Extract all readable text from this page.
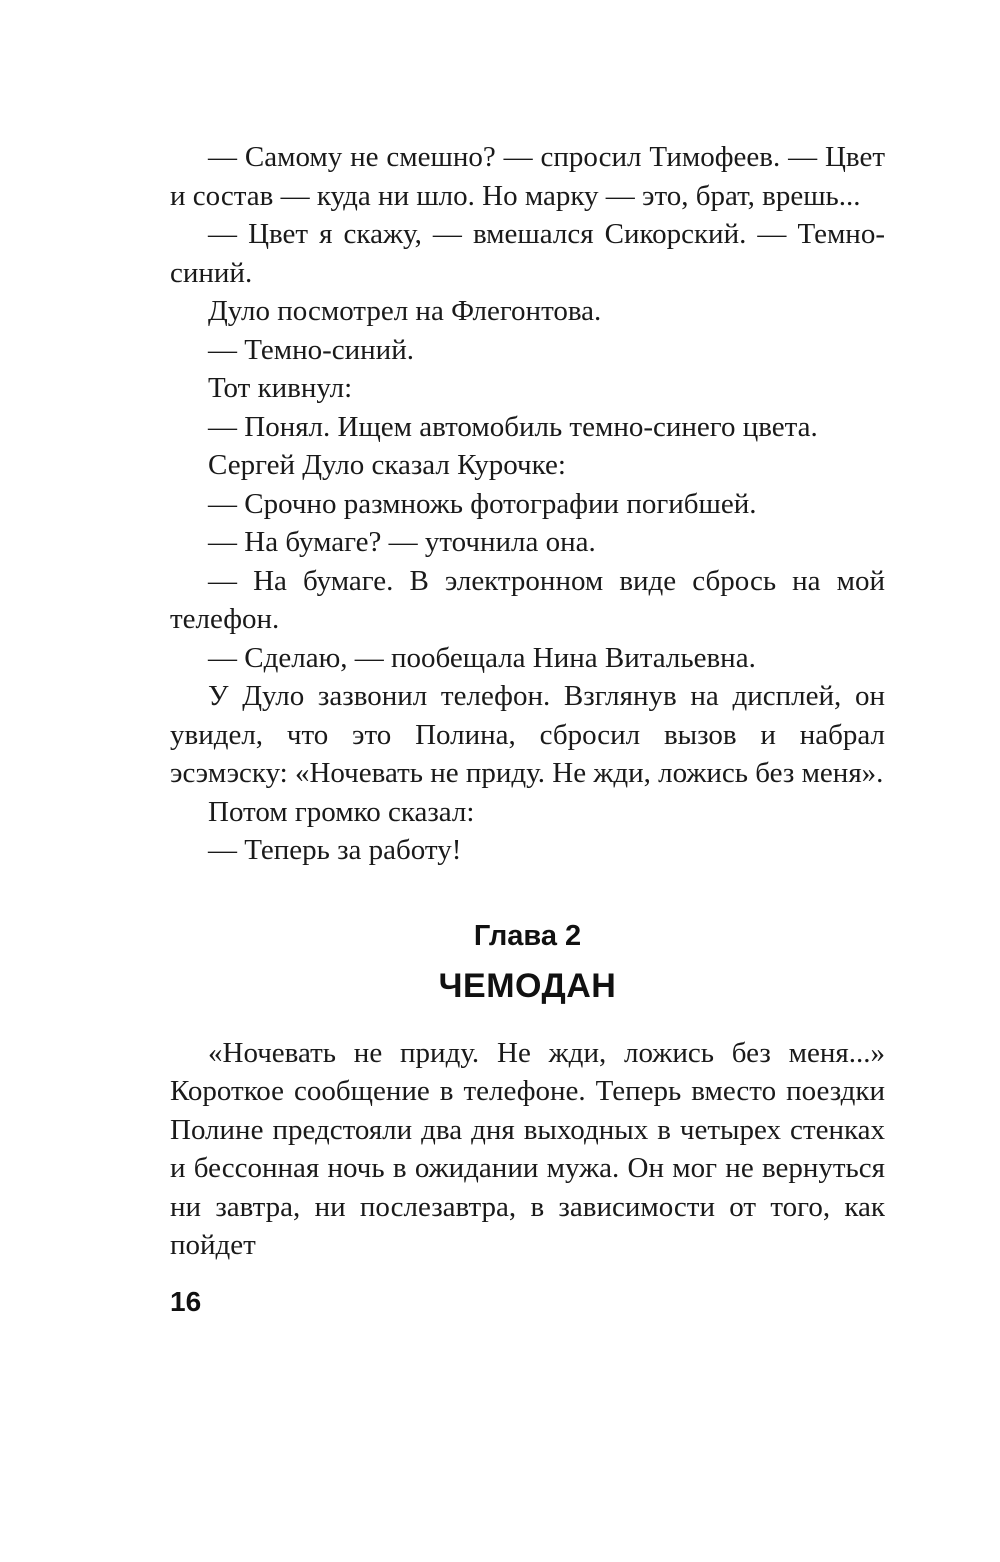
— Самому не смешно? — спросил Тимофеев. — Цвет и состав — куда ни шло. Но марку — это, брат, врешь...

— Цвет я скажу, — вмешался Сикорский. — Темно-синий.

Дуло посмотрел на Флегонтова.

— Темно-синий.

Тот кивнул:

— Понял. Ищем автомобиль темно-синего цвета.

Сергей Дуло сказал Курочке:

— Срочно размножь фотографии погибшей.

— На бумаге? — уточнила она.

— На бумаге. В электронном виде сбрось на мой телефон.

— Сделаю, — пообещала Нина Витальевна.

У Дуло зазвонил телефон. Взглянув на дисплей, он увидел, что это Полина, сбросил вызов и набрал эсэмэску: «Ночевать не приду. Не жди, ложись без меня».

Потом громко сказал:

— Теперь за работу!

Глава 2
ЧЕМОДАН

«Ночевать не приду. Не жди, ложись без меня...» Короткое сообщение в телефоне. Теперь вместо поездки Полине предстояли два дня выходных в четырех стенках и бессонная ночь в ожидании мужа. Он мог не вернуться ни завтра, ни послезавтра, в зависимости от того, как пойдет

16
